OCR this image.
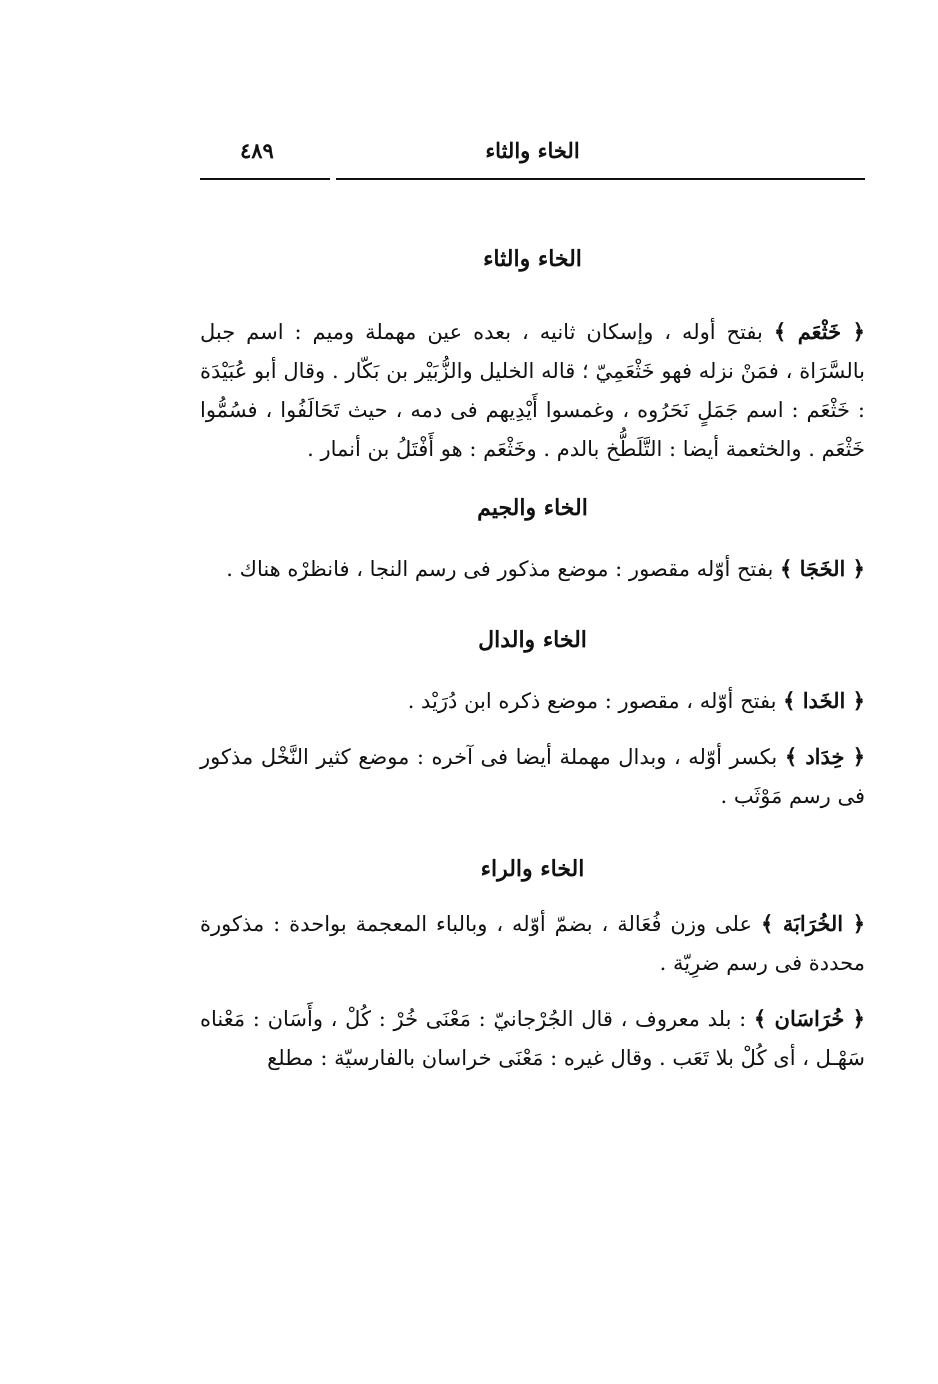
الخاء والثاء
٤٨٩
الخاء والثاء

﴿ خَثْعَم ﴾ بفتح أوله ، وإسكان ثانيه ، بعده عين مهملة وميم : اسم جبل بالسَّرَاة ، فمَنْ نزله فهو خَثْعَمِيّ ؛ قاله الخليل والزُّبَيْر بن بَكّار . وقال أبو عُبَيْدَة : خَثْعَم : اسم جَمَلٍ نَحَرُوه ، وغمسوا أَيْدِيهم فى دمه ، حيث تَحَالَفُوا ، فسُمُّوا خَثْعَم . والخثعمة أيضا : التَّلَطُّخ بالدم . وخَثْعَم : هو أَفْتَلُ بن أنمار .

الخاء والجيم

﴿ الخَجَا ﴾ بفتح أوّله مقصور : موضع مذكور فى رسم النجا ، فانظرْه هناك .

الخاء والدال

﴿ الخَدا ﴾ بفتح أوّله ، مقصور : موضع ذكره ابن دُرَيْد .

﴿ خِدَاد ﴾ بكسر أوّله ، وبدال مهملة أيضا فى آخره : موضع كثير النَّخْل مذكور فى رسم مَوْثَب .

الخاء والراء

﴿ الخُرَابَة ﴾ على وزن فُعَالة ، بضمّ أوّله ، وبالباء المعجمة بواحدة : مذكورة محددة فى رسم ضرِيّة .

﴿ خُرَاسَان ﴾ : بلد معروف ، قال الجُرْجانيّ : مَعْنَى خُرْ : كُلْ ، وأَسَان : مَعْناه سَهْـل ، أى كُلْ بلا تَعَب . وقال غيره : مَعْنَى خراسان بالفارسيّة : مطلع
